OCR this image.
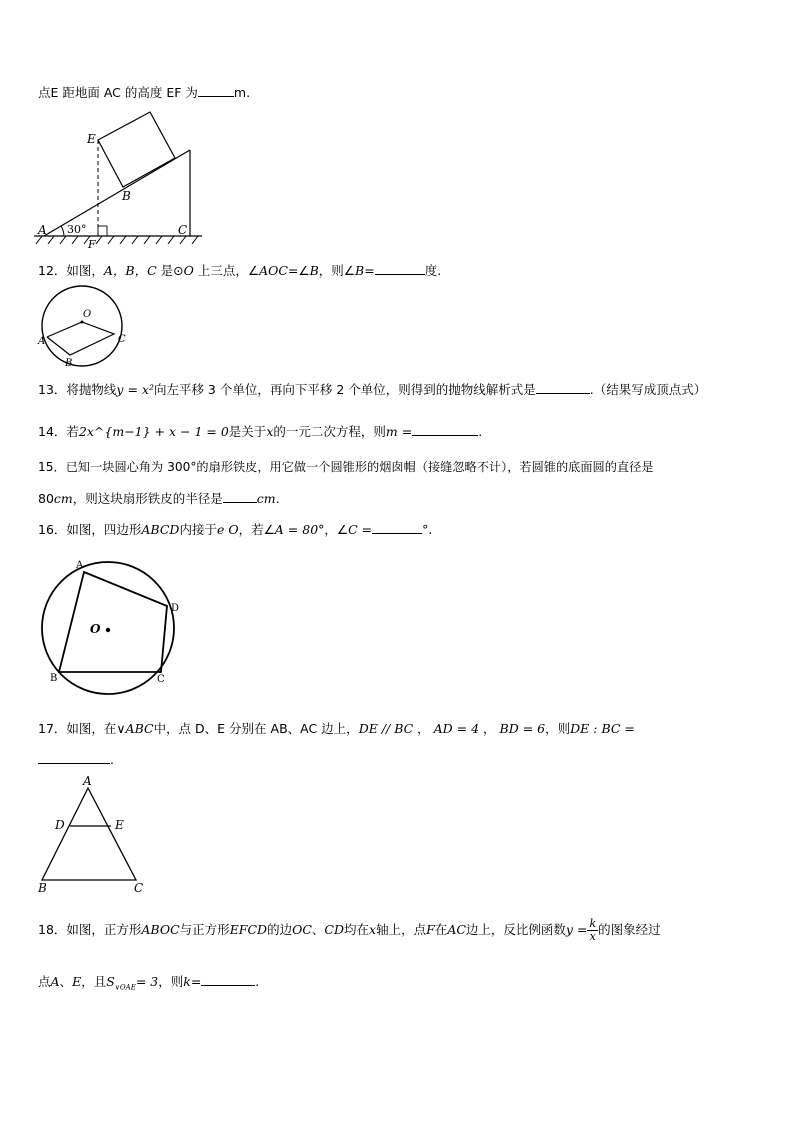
点E 距地面 AC 的高度 EF 为	m.
E
B
A	C
F
30°
12．如图，A，B，C 是⊙O 上三点，∠AOC=∠B，则∠B=	度.
O
A
B
C
13．将抛物线y = x²向左平移 3 个单位，再向下平移 2 个单位，则得到的抛物线解析式是	.（结果写成顶点式）
14．若2x^{m−1} + x − 1 = 0是关于x的一元二次方程，则m =	.
15．已知一块圆心角为 300°的扇形铁皮，用它做一个圆锥形的烟囱帽（接缝忽略不计），若圆锥的底面圆的直径是
80cm，则这块扇形铁皮的半径是	cm.
16．如图，四边形ABCD内接于e O，若∠A = 80°，∠C =	°.
A
D
B	C
O
17．如图，在∨ABC中，点 D、E 分别在 AB、AC 边上，DE // BC ， AD = 4 ， BD = 6，则DE : BC =
.
A
D	E
B	C
18．如图，正方形ABOC与正方形EFCD的边OC、CD均在x轴上，点F在AC边上，反比例函数$y = \frac{k}{x}$ 的图象经过
点A、E，且$S_{\vee OAE}= 3$，则k=	.
